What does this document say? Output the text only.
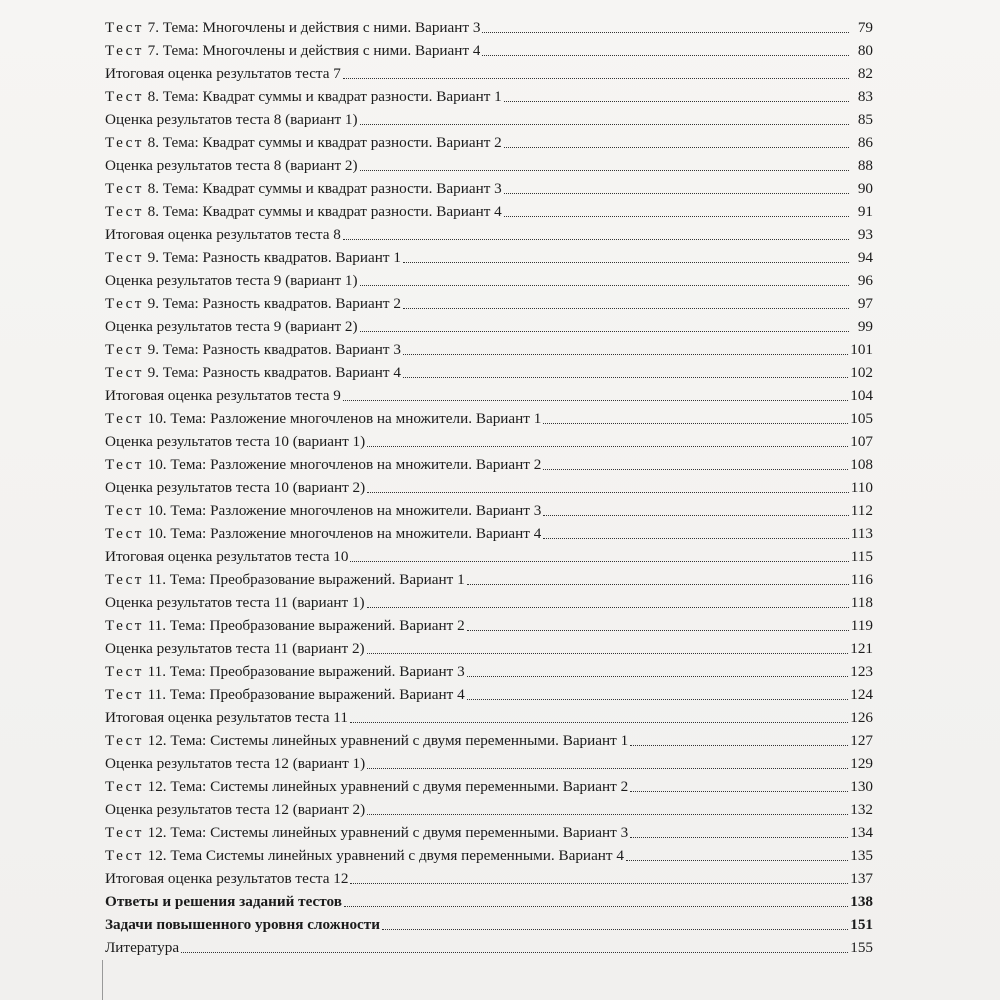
Тест 7. Тема: Многочлены и действия с ними. Вариант 3	79
Тест 7. Тема: Многочлены и действия с ними. Вариант 4	80
Итоговая оценка результатов теста 7	82
Тест 8. Тема: Квадрат суммы и квадрат разности. Вариант 1	83
Оценка результатов теста 8 (вариант 1)	85
Тест 8. Тема: Квадрат суммы и квадрат разности. Вариант 2	86
Оценка результатов теста 8 (вариант 2)	88
Тест 8. Тема: Квадрат суммы и квадрат разности. Вариант 3	90
Тест 8. Тема: Квадрат суммы и квадрат разности. Вариант 4	91
Итоговая оценка результатов теста 8	93
Тест 9. Тема: Разность квадратов. Вариант 1	94
Оценка результатов теста 9 (вариант 1)	96
Тест 9. Тема: Разность квадратов. Вариант 2	97
Оценка результатов теста 9 (вариант 2)	99
Тест 9. Тема: Разность квадратов. Вариант 3	101
Тест 9. Тема: Разность квадратов. Вариант 4	102
Итоговая оценка результатов теста 9	104
Тест 10. Тема: Разложение многочленов на множители. Вариант 1	105
Оценка результатов теста 10 (вариант 1)	107
Тест 10. Тема: Разложение многочленов на множители. Вариант 2	108
Оценка результатов теста 10 (вариант 2)	110
Тест 10. Тема: Разложение многочленов на множители. Вариант 3	112
Тест 10. Тема: Разложение многочленов на множители. Вариант 4	113
Итоговая оценка результатов теста 10	115
Тест 11. Тема: Преобразование выражений. Вариант 1	116
Оценка результатов теста 11 (вариант 1)	118
Тест 11. Тема: Преобразование выражений. Вариант 2	119
Оценка результатов теста 11 (вариант 2)	121
Тест 11. Тема: Преобразование выражений. Вариант 3	123
Тест 11. Тема: Преобразование выражений. Вариант 4	124
Итоговая оценка результатов теста 11	126
Тест 12. Тема: Системы линейных уравнений с двумя переменными. Вариант 1	127
Оценка результатов теста 12 (вариант 1)	129
Тест 12. Тема: Системы линейных уравнений с двумя переменными. Вариант 2	130
Оценка результатов теста 12 (вариант 2)	132
Тест 12. Тема: Системы линейных уравнений с двумя переменными. Вариант 3	134
Тест 12. Тема Системы линейных уравнений с двумя переменными. Вариант 4	135
Итоговая оценка результатов теста 12	137
Ответы и решения заданий тестов	138
Задачи повышенного уровня сложности	151
Литература	155
